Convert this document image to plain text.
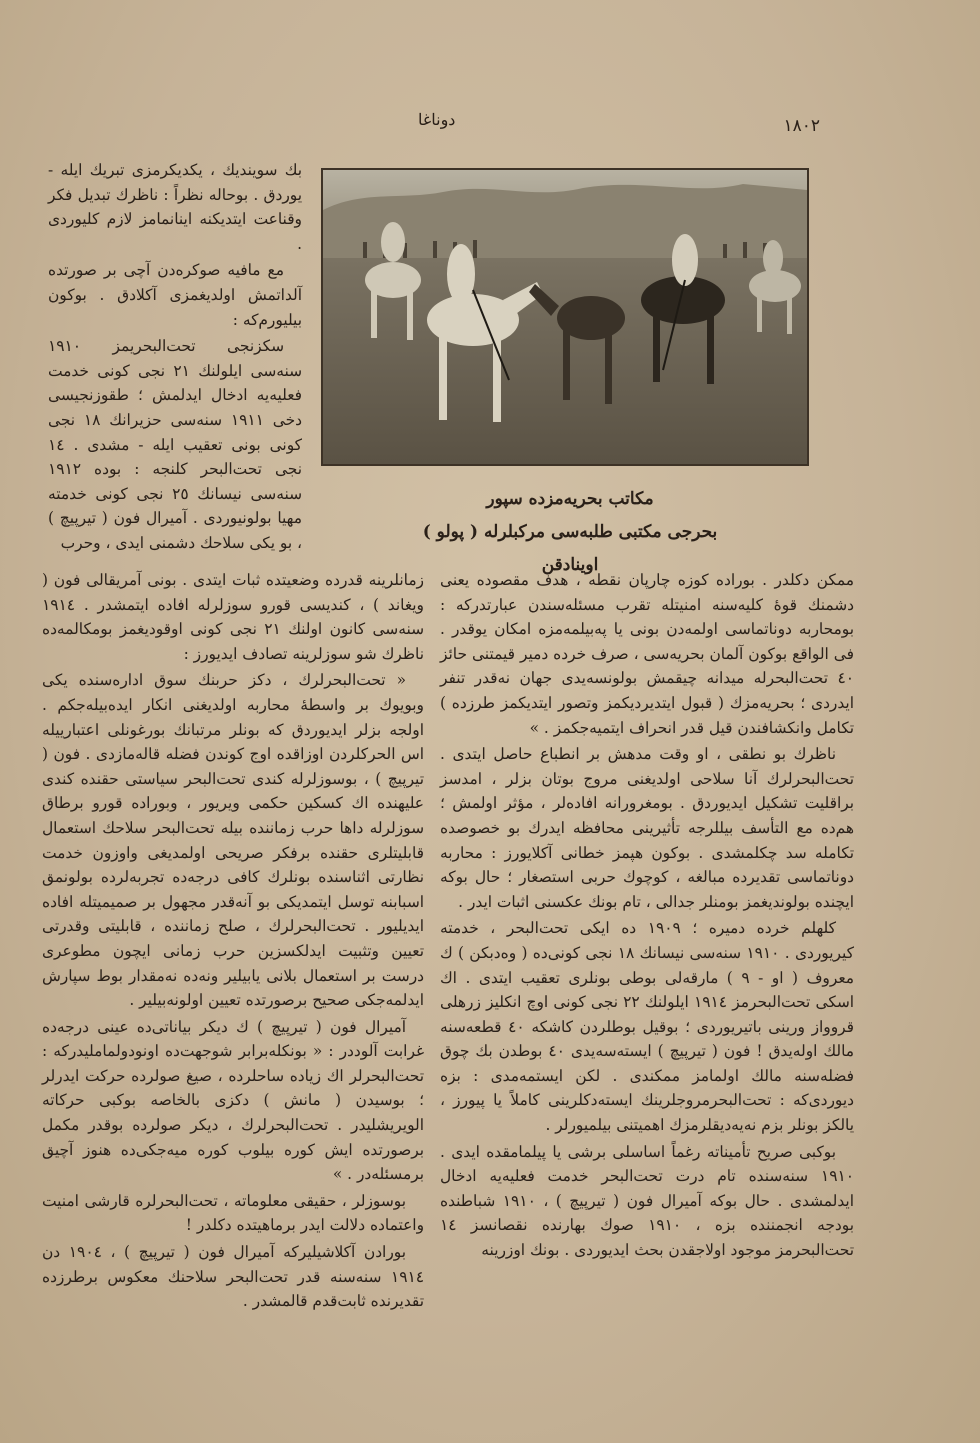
دوناغا	١٨٠٢
مكاتب بحريه‌مزده سپور
بحرجى مكتبى طلبه‌سى مركبلرله ( پولو ) اوينادقن

بك سوينديك ، يكديكرمزى تبريك ايله - يوردق . بوحاله نظراً : ناظرك تبديل فكر وقناعت ايتديكنه اينانمامز لازم كليوردى .

مع مافيه صوكره‌دن آچى بر صورتده آلداتمش اولديغمزى آكلادق . بوكون بيليورم‌كه :

سكزنجى تحت‌البحريمز ١٩١٠ سنه‌سى ايلولنك ٢١ نجى كونى خدمت فعليه‌يه ادخال ايدلمش ؛ طقوزنجيسى دخى ١٩١١ سنه‌سى حزيرانك ١٨ نجى كونى بونى تعقيب ايله - مشدى . ١٤ نجى تحت‌البحر كلنجه : بوده ١٩١٢ سنه‌سى نيسانك ٢٥ نجى كونى خدمته مهيا بولونيوردى . آميرال فون ( تيرپيچ ) ، بو يكى سلاحك دشمنى ايدى ، وحرب

زمانلرينه قدرده وضعيتده ثبات ايتدى . بونى آمريقالى فون ( ويغاند ) ، كنديسى قورو سوزلرله افاده ايتمشدر . ١٩١٤ سنه‌سى كانون اولنك ٢١ نجى كونى اوقوديغمز بومكالمه‌ده ناظرك شو سوزلرينه تصادف ايديورز :

« تحت‌البحرلرك ، دكز حربنك سوق اداره‌سنده يكى وبويوك بر واسطهٔ محاربه اولديغنى انكار ايده‌بيله‌جكم . اولجه بزلر ايديوردق كه بونلر مرتبانك بورغونلى اعتبارييله اس الحركلردن اوزاقده اوج كوندن فضله قاله‌مازدى . فون ( تيرپيچ ) ، بوسوزلرله كندى تحت‌البحر سياستى حقنده كندى عليهنده اك كسكين حكمى ويريور ، وبوراده قورو برطاق سوزلرله داها حرب زماننده بيله تحت‌البحر سلاحك استعمال قابليتلرى حقنده برفكر صريحى اولمديغى واوزون خدمت نظارتى اثناسنده بونلرك كافى درجه‌ده تجربه‌لرده بولونمق اسبابنه توسل ايتمديكى بو آنه‌قدر مجهول بر صميميتله افاده ايديليور . تحت‌البحرلرك ، صلح زماننده ، قابليتى وقدرتى تعيين وتثبيت ايدلكسزين حرب زمانى ايچون مطوعرى درست بر استعمال بلانى يابيلير ونه‌ده نه‌مقدار بوط سپارش ايدلمه‌جكى صحيح برصورتده تعيين اولونه‌بيلير .

آميرال فون ( تيرپيچ ) ك ديكر بياناتى‌ده عينى درجه‌ده غرابت آلوددر : « بونكله‌برابر شوجهت‌ده اونودولمامليدركه : تحت‌البحرلر اك زياده ساحلرده ، صيغ صولرده حركت ايدرلر ؛ بوسيدن ( مانش ) دكزى بالخاصه بوكبى حركاته الويريشليدر . تحت‌البحرلرك ، ديكر صولرده بوقدر مكمل برصورتده ايش كوره بيلوب كوره ميه‌جكى‌ده هنوز آچيق برمسئله‌در . »

بوسوزلر ، حقيقى معلوماته ، تحت‌البحرلره قارشى امنيت واعتماده دلالت ايدر برماهيتده دكلدر !

بورادن آكلاشيليركه آميرال فون ( تيرپيچ ) ، ١٩٠٤ دن ١٩١٤ سنه‌سنه قدر تحت‌البحر سلاحنك معكوس برطرزده تقديرنده ثابت‌قدم قالمشدر .

ممكن دكلدر . بوراده كوزه چارپان نقطه ، هدف مقصوده يعنى دشمنك قوهٔ كليه‌سنه امنيتله تقرب مسئله‌سندن عبارتدركه : بومحاربه دوناتماسى اولمه‌دن بونى يا په‌بيلمه‌مزه امكان يوقدر . فى الواقع بوكون آلمان بحريه‌سى ، صرف خرده دمير قيمتنى حائز ٤٠ تحت‌البحرله ميدانه چيقمش بولونسه‌يدى جهان نه‌قدر تنفر ايدردى ؛ بحريه‌مزك ( قبول ايتديرديكمز وتصور ايتديكمز طرزده ) تكامل وانكشافندن قيل قدر انحراف ايتميه‌جكمز . »

ناظرك بو نطقى ، او وقت مدهش بر انطباع حاصل ايتدى . تحت‌البحرلرك آنا سلاحى اولديغنى مروج بوتان بزلر ، امدسز براقليت تشكيل ايديوردق . بومغرورانه افاده‌لر ، مؤثر اولمش ؛ هم‌ده مع التأسف بيللرجه تأثيرينى محافظه ايدرك بو خصوصده تكامله سد چكلمشدى . بوكون هپمز خطانى آكلايورز : محاربه دوناتماسى تقديرده مبالغه ، كوچوك حربى استصغار ؛ حال بوكه ايچنده بولونديغمز بومنلر جدالى ، تام بونك عكسنى اثبات ايدر .

كلهلم خرده دميره ؛ ١٩٠٩ ده ايكى تحت‌البحر ، خدمته كيريوردى . ١٩١٠ سنه‌سى نيسانك ١٨ نجى كونى‌ده ( وه‌دبكن ) ك معروف ( او - ٩ ) مارقه‌لى بوطى بونلرى تعقيب ايتدى . اك اسكى تحت‌البحرمز ١٩١٤ ايلولنك ٢٢ نجى كونى اوچ انكليز زرهلى قروواز ورينى باتيريوردى ؛ بوقيل بوطلردن كاشكه ٤٠ قطعه‌سنه مالك اوله‌يدق ! فون ( تيرپيچ ) ايسته‌سه‌يدى ٤٠ بوطدن بك چوق فضله‌سنه مالك اولمامز ممكندى . لكن ايستمه‌مدى : بزه ديوردى‌كه : تحت‌البحرمروجلرينك ايسته‌دكلرينى كاملاً يا پيورز ، يالكز بونلر بزم نه‌يه‌ديقلرمزك اهميتنى بيلميورلر .

بوكبى صريح تأميناته رغماً اساسلى برشى يا پيلمامقده ايدى . ١٩١٠ سنه‌سنده تام درت تحت‌البحر خدمت فعليه‌يه ادخال ايدلمشدى . حال بوكه آميرال فون ( تيرپيچ ) ، ١٩١٠ شباطنده بودجه انجمننده بزه ، ١٩١٠ صوك بهارنده نقصانسز ١٤ تحت‌البحرمز موجود اولاجقدن بحث ايديوردى . بونك اوزرينه
